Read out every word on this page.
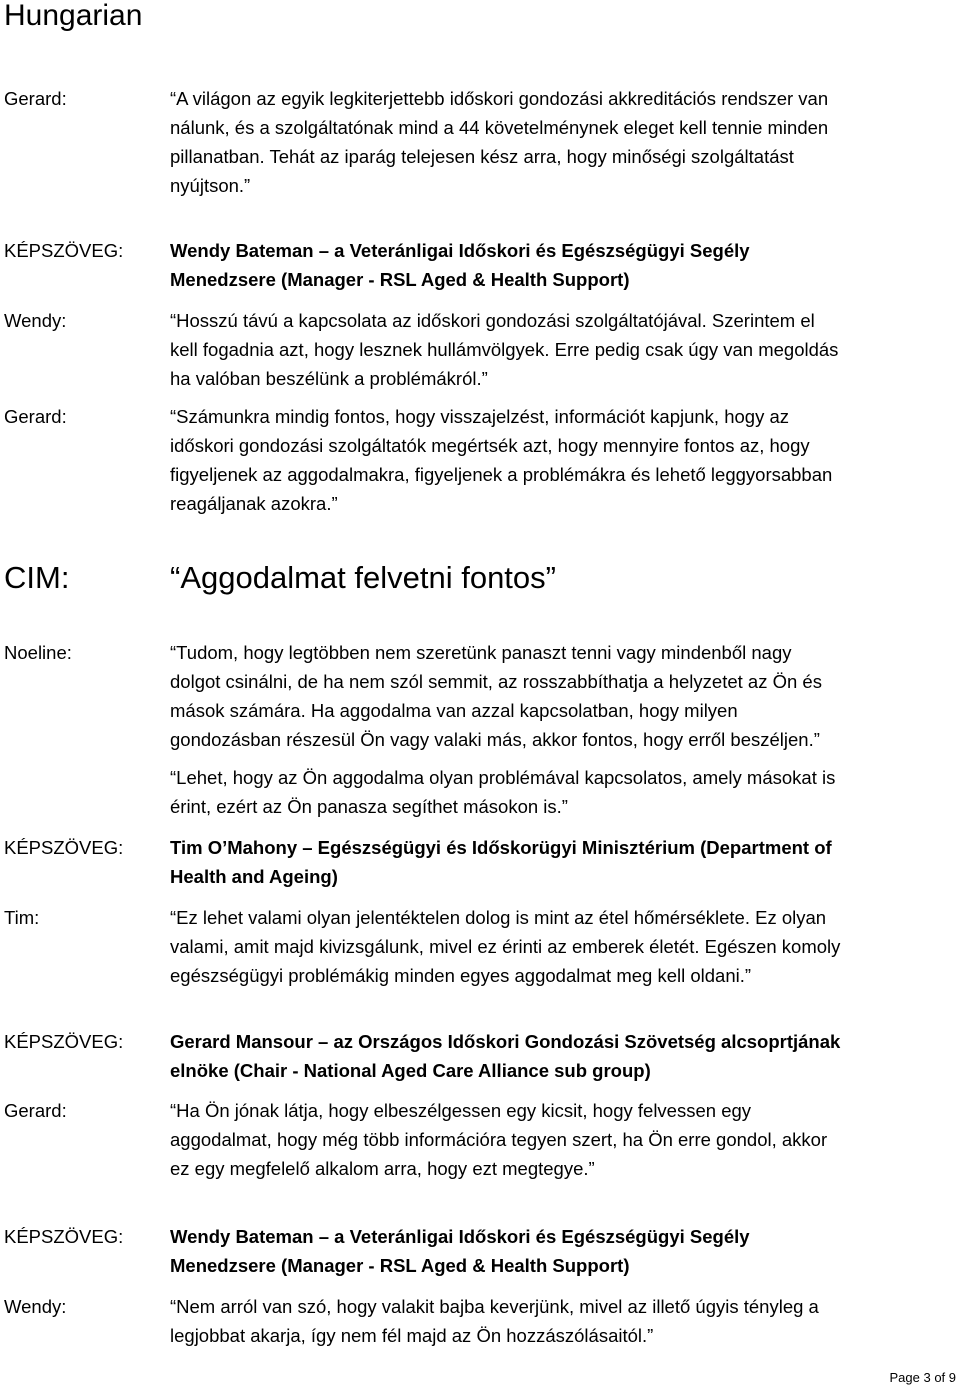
Hungarian
Gerard:	“A világon az egyik legkiterjettebb időskori gondozási akkreditációs rendszer van
nálunk, és a szolgáltatónak mind a 44 követelménynek eleget kell tennie minden
pillanatban. Tehát az iparág telejesen kész arra, hogy minőségi szolgáltatást
nyújtson.”
KÉPSZÖVEG:	Wendy Bateman – a Veteránligai Időskori és Egészségügyi Segély
Menedzsere (Manager - RSL Aged & Health Support)
Wendy:	“Hosszú távú a kapcsolata az időskori gondozási szolgáltatójával. Szerintem el
kell fogadnia azt, hogy lesznek hullámvölgyek. Erre pedig csak úgy van megoldás
ha valóban beszélünk a problémákról.”
Gerard:	“Számunkra mindig fontos, hogy visszajelzést, információt kapjunk, hogy az
időskori gondozási szolgáltatók megértsék azt, hogy mennyire fontos az, hogy
figyeljenek az aggodalmakra, figyeljenek a problémákra és lehető leggyorsabban
reagáljanak azokra.”
CIM:	“Aggodalmat felvetni fontos”
Noeline:	“Tudom, hogy legtöbben nem szeretünk panaszt tenni vagy mindenből nagy
dolgot csinálni, de ha nem szól semmit, az rosszabbíthatja a helyzetet az Ön és
mások számára. Ha aggodalma van azzal kapcsolatban, hogy milyen
gondozásban részesül Ön vagy valaki más, akkor fontos, hogy erről beszéljen.”
“Lehet, hogy az Ön aggodalma olyan problémával kapcsolatos, amely másokat is
érint, ezért az Ön panasza segíthet másokon is.”
KÉPSZÖVEG:	Tim O’Mahony – Egészségügyi és Időskorügyi Minisztérium (Department of
Health and Ageing)
Tim:	“Ez lehet valami olyan jelentéktelen dolog is mint az étel hőmérséklete. Ez olyan
valami, amit majd kivizsgálunk, mivel ez érinti az emberek életét. Egészen komoly
egészségügyi problémákig minden egyes aggodalmat meg kell oldani.”
KÉPSZÖVEG:	Gerard Mansour – az Országos Időskori Gondozási Szövetség alcsoprtjának
elnöke (Chair - National Aged Care Alliance sub group)
Gerard:	“Ha Ön jónak látja, hogy elbeszélgessen egy kicsit, hogy felvessen egy
aggodalmat, hogy még több információra tegyen szert, ha Ön erre gondol, akkor
ez egy megfelelő alkalom arra, hogy ezt megtegye.”
KÉPSZÖVEG:	Wendy Bateman – a Veteránligai Időskori és Egészségügyi Segély
Menedzsere (Manager - RSL Aged & Health Support)
Wendy:	“Nem arról van szó, hogy valakit bajba keverjünk, mivel az illető úgyis tényleg a
legjobbat akarja, így nem fél majd az Ön hozzászólásaitól.”
Page 3 of 9
